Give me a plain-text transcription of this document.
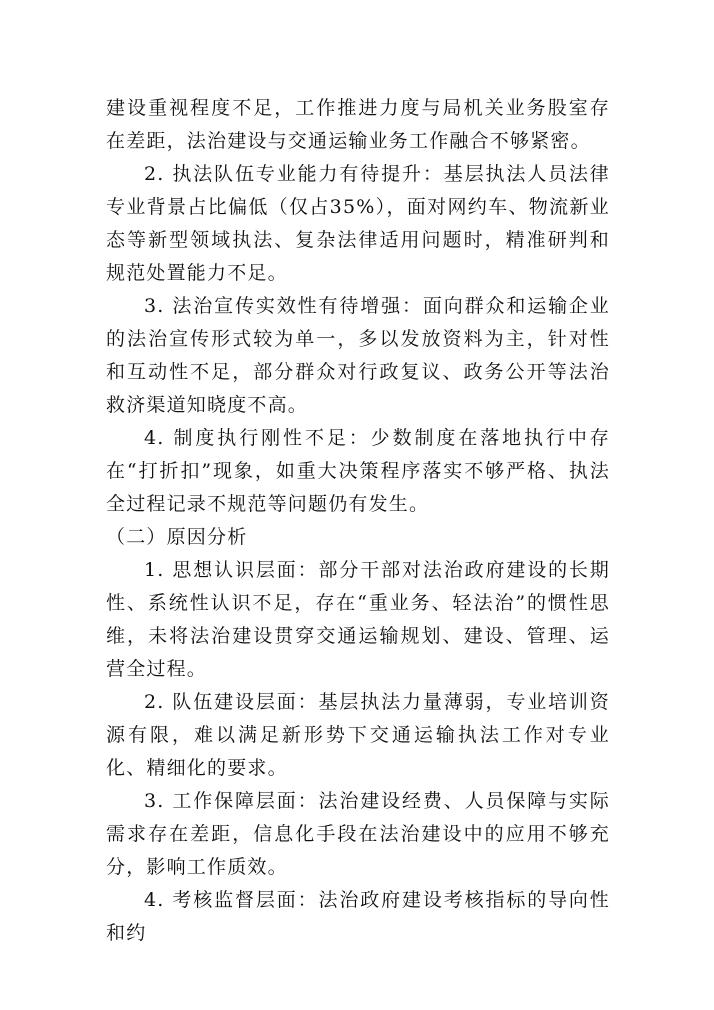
建设重视程度不足，工作推进力度与局机关业务股室存在差距，法治建设与交通运输业务工作融合不够紧密。

2. 执法队伍专业能力有待提升：基层执法人员法律专业背景占比偏低（仅占35%），面对网约车、物流新业态等新型领域执法、复杂法律适用问题时，精准研判和规范处置能力不足。

3. 法治宣传实效性有待增强：面向群众和运输企业的法治宣传形式较为单一，多以发放资料为主，针对性和互动性不足，部分群众对行政复议、政务公开等法治救济渠道知晓度不高。

4. 制度执行刚性不足：少数制度在落地执行中存在“打折扣”现象，如重大决策程序落实不够严格、执法全过程记录不规范等问题仍有发生。

（二）原因分析

1. 思想认识层面：部分干部对法治政府建设的长期性、系统性认识不足，存在“重业务、轻法治”的惯性思维，未将法治建设贯穿交通运输规划、建设、管理、运营全过程。

2. 队伍建设层面：基层执法力量薄弱，专业培训资源有限，难以满足新形势下交通运输执法工作对专业化、精细化的要求。

3. 工作保障层面：法治建设经费、人员保障与实际需求存在差距，信息化手段在法治建设中的应用不够充分，影响工作质效。

4. 考核监督层面：法治政府建设考核指标的导向性和约
